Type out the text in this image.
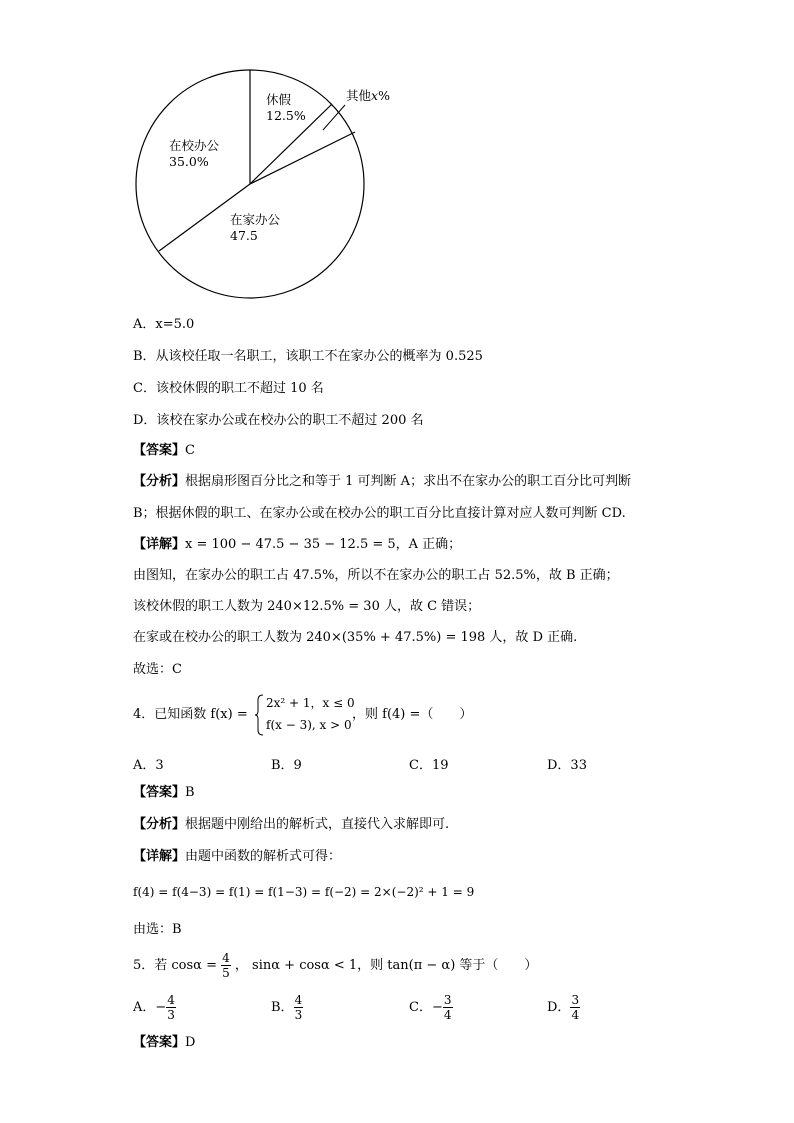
休假
12.5%
其他x%
在校办公
35.0%
在家办公
47.5
A．x=5.0
B．从该校任取一名职工，该职工不在家办公的概率为 0.525
C．该校休假的职工不超过 10 名
D．该校在家办公或在校办公的职工不超过 200 名
【答案】C
【分析】根据扇形图百分比之和等于 1 可判断 A；求出不在家办公的职工百分比可判断
B；根据休假的职工、在家办公或在校办公的职工百分比直接计算对应人数可判断 CD.
【详解】x = 100 − 47.5 − 35 − 12.5 = 5，A 正确；
由图知，在家办公的职工占 47.5%，所以不在家办公的职工占 52.5%，故 B 正确；
该校休假的职工人数为 240×12.5% = 30 人，故 C 错误；
在家或在校办公的职工人数为 240×(35% + 47.5%) = 198 人，故 D 正确.
故选：C
4．已知函数 f(x) =
2x² + 1，x ≤ 0
f(x − 3), x > 0
，则 f(4) =（　　）
A．3	B．9	C．19	D．33
【答案】B
【分析】根据题中刚给出的解析式，直接代入求解即可.
【详解】由题中函数的解析式可得：
f(4) = f(4−3) = f(1) = f(1−3) = f(−2) = 2×(−2)² + 1 = 9
由选：B
5．若 $\cos\alpha = \frac{4}{5}$ ， sinα + cosα < 1，则 tan(π − α) 等于（　　）
A．− $\frac{4}{3}$	B． $\frac{4}{3}$	C．− $\frac{3}{4}$	D． $\frac{3}{4}$
【答案】D
